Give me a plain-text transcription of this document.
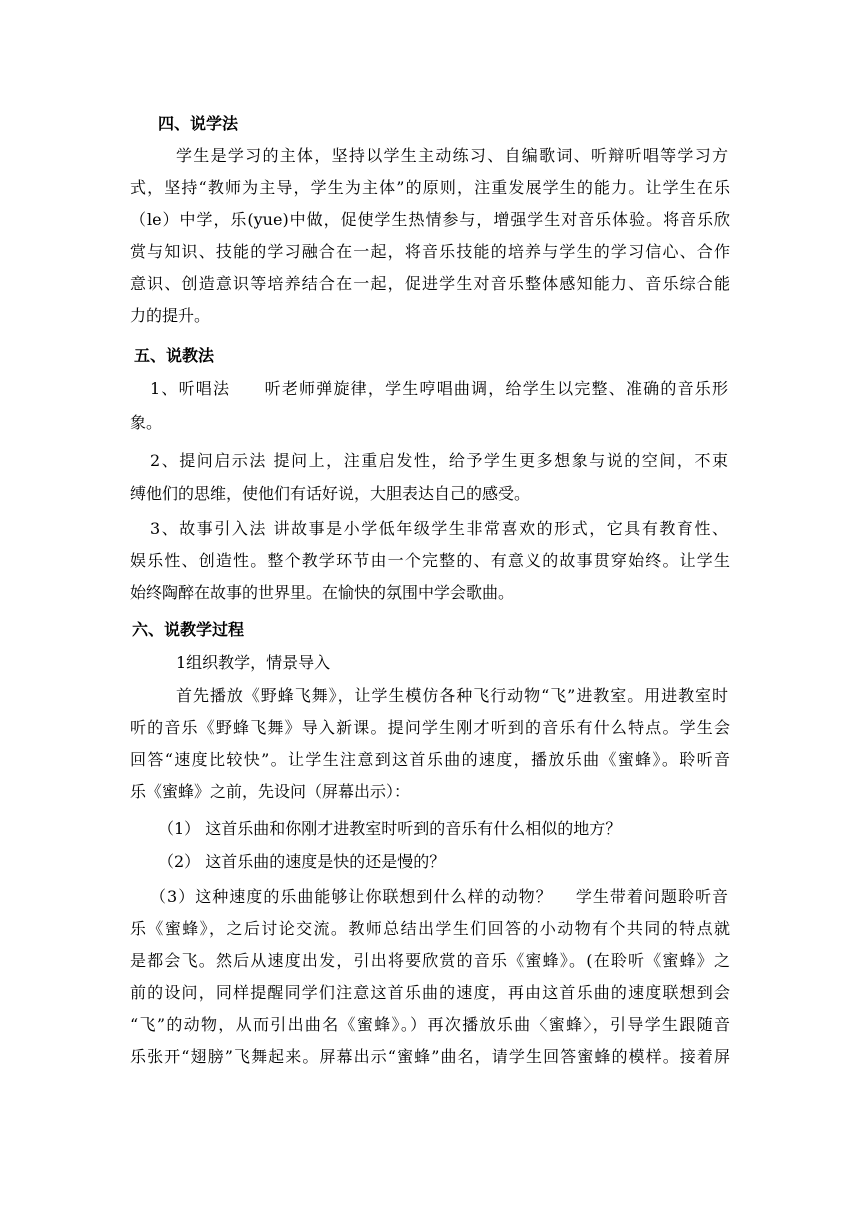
四、说学法
学生是学习的主体，坚持以学生主动练习、自编歌词、听辩听唱等学习方
式，坚持“教师为主导，学生为主体”的原则，注重发展学生的能力。让学生在乐
（le）中学，乐(yue)中做，促使学生热情参与，增强学生对音乐体验。将音乐欣
赏与知识、技能的学习融合在一起，将音乐技能的培养与学生的学习信心、合作
意识、创造意识等培养结合在一起，促进学生对音乐整体感知能力、音乐综合能
力的提升。
五、说教法
1、听唱法　　听老师弹旋律，学生哼唱曲调，给学生以完整、准确的音乐形
象。
2、提问启示法 提问上，注重启发性，给予学生更多想象与说的空间，不束
缚他们的思维，使他们有话好说，大胆表达自己的感受。
3、故事引入法 讲故事是小学低年级学生非常喜欢的形式，它具有教育性、
娱乐性、创造性。整个教学环节由一个完整的、有意义的故事贯穿始终。让学生
始终陶醉在故事的世界里。在愉快的氛围中学会歌曲。
六、说教学过程
1组织教学，情景导入
首先播放《野蜂飞舞》，让学生模仿各种飞行动物“飞”进教室。用进教室时
听的音乐《野蜂飞舞》导入新课。提问学生刚才听到的音乐有什么特点。学生会
回答“速度比较快”。让学生注意到这首乐曲的速度，播放乐曲《蜜蜂》。聆听音
乐《蜜蜂》之前，先设问（屏幕出示）：
（1） 这首乐曲和你刚才进教室时听到的音乐有什么相似的地方？
（2） 这首乐曲的速度是快的还是慢的？
（3）这种速度的乐曲能够让你联想到什么样的动物？　 学生带着问题聆听音
乐《蜜蜂》，之后讨论交流。教师总结出学生们回答的小动物有个共同的特点就
是都会飞。然后从速度出发，引出将要欣赏的音乐《蜜蜂》。(在聆听《蜜蜂》之
前的设问，同样提醒同学们注意这首乐曲的速度，再由这首乐曲的速度联想到会
“飞”的动物，从而引出曲名《蜜蜂》。）再次播放乐曲〈蜜蜂〉，引导学生跟随音
乐张开“翅膀”飞舞起来。屏幕出示“蜜蜂”曲名，请学生回答蜜蜂的模样。接着屏
